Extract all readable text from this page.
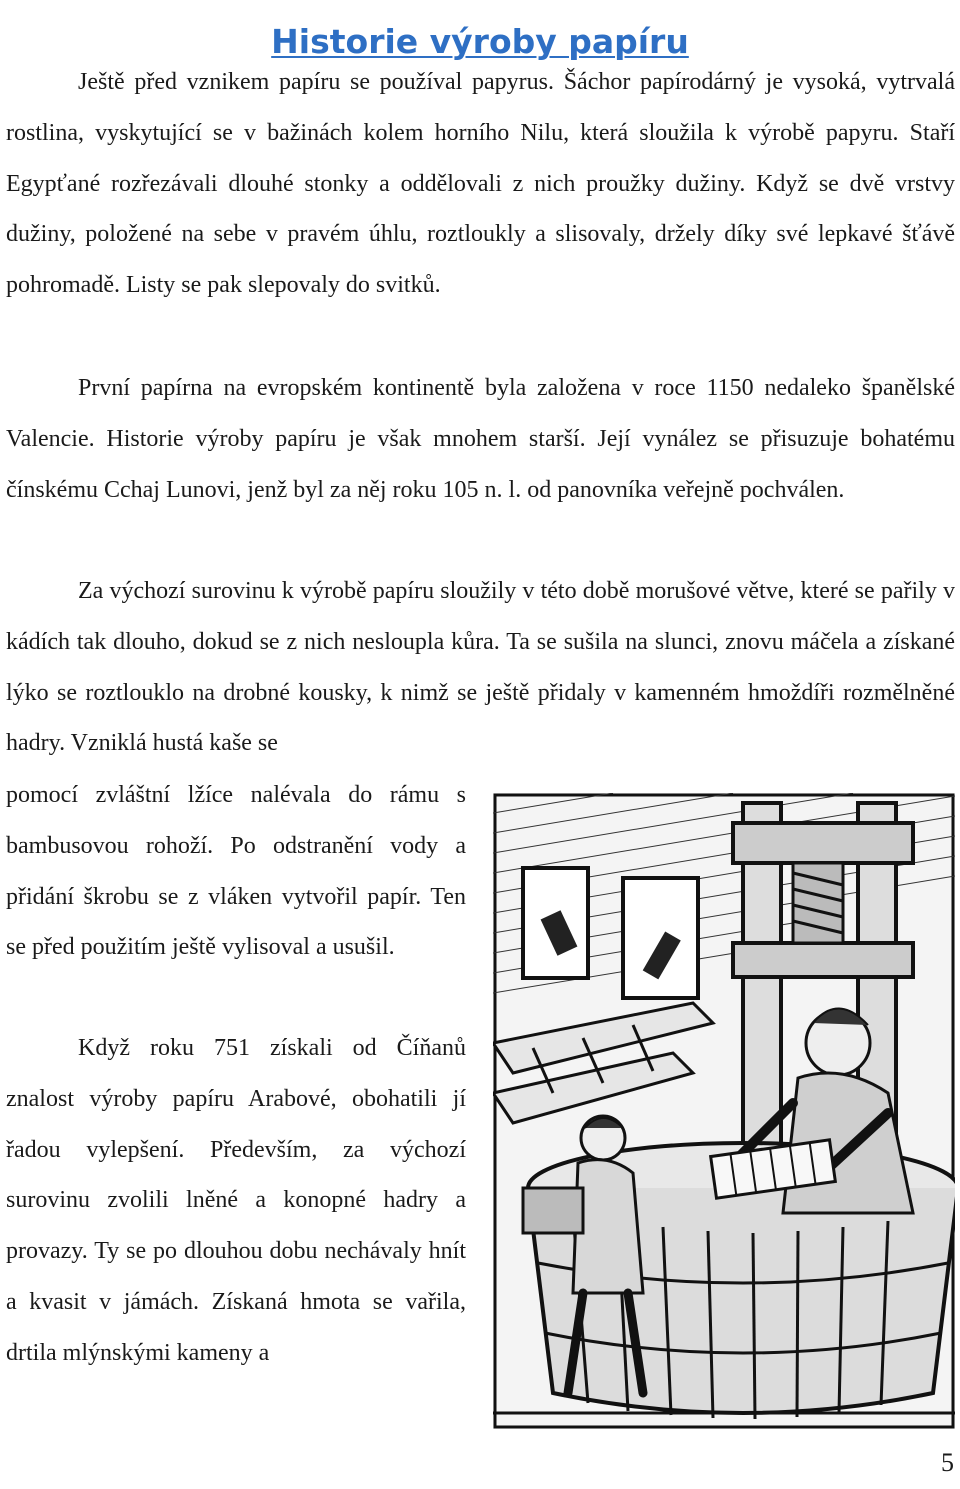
Historie výroby papíru

Ještě před vznikem papíru se používal papyrus. Šáchor papírodárný je vysoká, vytrvalá rostlina, vyskytující se v bažinách kolem horního Nilu, která sloužila k výrobě papyru. Staří Egypťané rozřezávali dlouhé stonky a oddělovali z nich proužky dužiny. Když se dvě vrstvy dužiny, položené na sebe v pravém úhlu, roztloukly a slisovaly, držely díky své lepkavé šťávě pohromadě. Listy se pak slepovaly do svitků.

První papírna na evropském kontinentě byla založena v roce 1150 nedaleko španělské Valencie. Historie výroby papíru je však mnohem starší. Její vynález se přisuzuje bohatému čínskému Cchaj Lunovi, jenž byl za něj roku 105 n. l. od panovníka veřejně pochválen.

Za výchozí surovinu k výrobě papíru sloužily v této době morušové větve, které se pařily v kádích tak dlouho, dokud se z nich nesloupla kůra. Ta se sušila na slunci, znovu máčela a získané lýko se roztlouklo na drobné kousky, k nimž se ještě přidaly v kamenném hmoždíři rozmělněné hadry. Vzniklá hustá kaše se

pomocí zvláštní lžíce nalévala do rámu s bambusovou rohoží. Po odstranění vody a přidání škrobu se z vláken vytvořil papír. Ten se před použitím ještě vylisoval a usušil.

Když roku 751 získali od Číňanů znalost výroby papíru Arabové, obohatili jí řadou vylepšení. Především, za výchozí surovinu zvolili lněné a konopné hadry a provazy. Ty se po dlouhou dobu nechávaly hnít a kvasit v jámách. Získaná hmota se vařila, drtila mlýnskými kameny a

5
